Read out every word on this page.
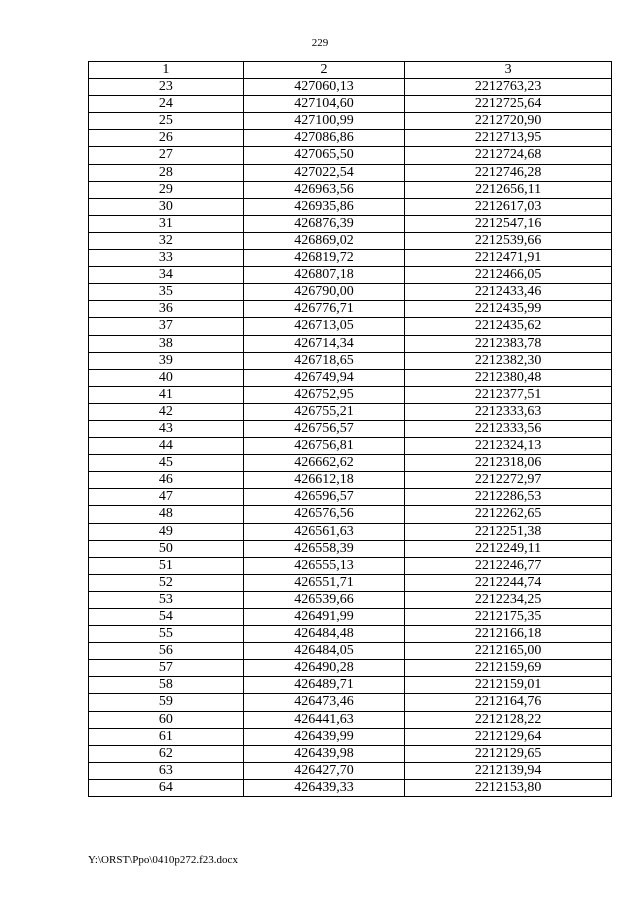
229
1	2	3
23	427060,13	2212763,23
24	427104,60	2212725,64
25	427100,99	2212720,90
26	427086,86	2212713,95
27	427065,50	2212724,68
28	427022,54	2212746,28
29	426963,56	2212656,11
30	426935,86	2212617,03
31	426876,39	2212547,16
32	426869,02	2212539,66
33	426819,72	2212471,91
34	426807,18	2212466,05
35	426790,00	2212433,46
36	426776,71	2212435,99
37	426713,05	2212435,62
38	426714,34	2212383,78
39	426718,65	2212382,30
40	426749,94	2212380,48
41	426752,95	2212377,51
42	426755,21	2212333,63
43	426756,57	2212333,56
44	426756,81	2212324,13
45	426662,62	2212318,06
46	426612,18	2212272,97
47	426596,57	2212286,53
48	426576,56	2212262,65
49	426561,63	2212251,38
50	426558,39	2212249,11
51	426555,13	2212246,77
52	426551,71	2212244,74
53	426539,66	2212234,25
54	426491,99	2212175,35
55	426484,48	2212166,18
56	426484,05	2212165,00
57	426490,28	2212159,69
58	426489,71	2212159,01
59	426473,46	2212164,76
60	426441,63	2212128,22
61	426439,99	2212129,64
62	426439,98	2212129,65
63	426427,70	2212139,94
64	426439,33	2212153,80
Y:\ORST\Ppo\0410p272.f23.docx
